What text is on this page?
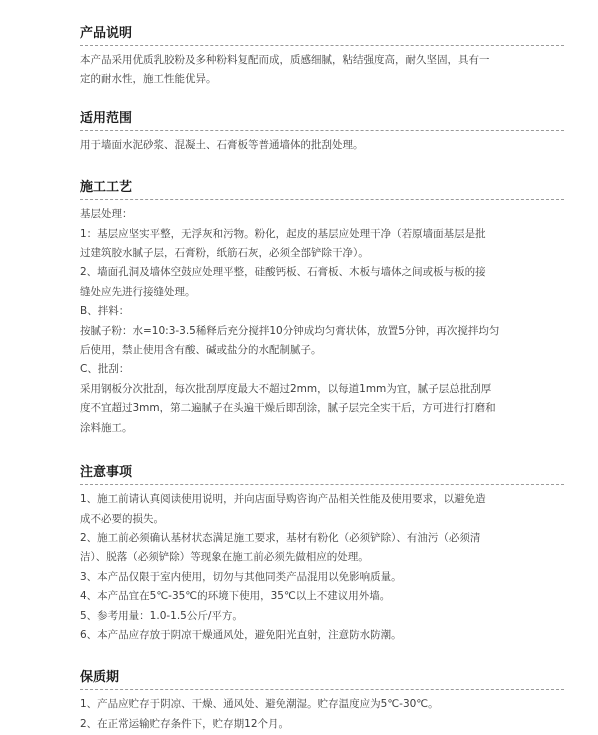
产品说明

本产品采用优质乳胶粉及多种粉料复配而成，质感细腻，粘结强度高，耐久坚固，具有一

定的耐水性，施工性能优异。

适用范围

用于墙面水泥砂浆、混凝土、石膏板等普通墙体的批刮处理。

施工工艺

基层处理：

1：基层应坚实平整，无浮灰和污物。粉化，起皮的基层应处理干净（若原墙面基层是批

过建筑胶水腻子层，石膏粉，纸筋石灰，必须全部铲除干净）。

2、墙面孔洞及墙体空鼓应处理平整，硅酸钙板、石膏板、木板与墙体之间或板与板的接

缝处应先进行接缝处理。

B、拌料：

按腻子粉：水=10:3-3.5稀释后充分搅拌10分钟成均匀膏状体，放置5分钟，再次搅拌均匀

后使用，禁止使用含有酸、碱或盐分的水配制腻子。

C、批刮：

采用钢板分次批刮，每次批刮厚度最大不超过2mm，以每道1mm为宜，腻子层总批刮厚

度不宜超过3mm，第二遍腻子在头遍干燥后即刮涂，腻子层完全实干后，方可进行打磨和

涂料施工。

注意事项

1、施工前请认真阅读使用说明，并向店面导购咨询产品相关性能及使用要求，以避免造

成不必要的损失。

2、施工前必须确认基材状态满足施工要求，基材有粉化（必须铲除）、有油污（必须清

洁）、脱落（必须铲除）等现象在施工前必须先做相应的处理。

3、本产品仅限于室内使用，切勿与其他同类产品混用以免影响质量。

4、本产品宜在5℃-35℃的环境下使用，35℃以上不建议用外墙。

5、参考用量：1.0-1.5公斤/平方。

6、本产品应存放于阴凉干燥通风处，避免阳光直射，注意防水防潮。

保质期

1、产品应贮存于阴凉、干燥、通风处、避免潮湿。贮存温度应为5℃-30℃。

2、在正常运输贮存条件下，贮存期12个月。
